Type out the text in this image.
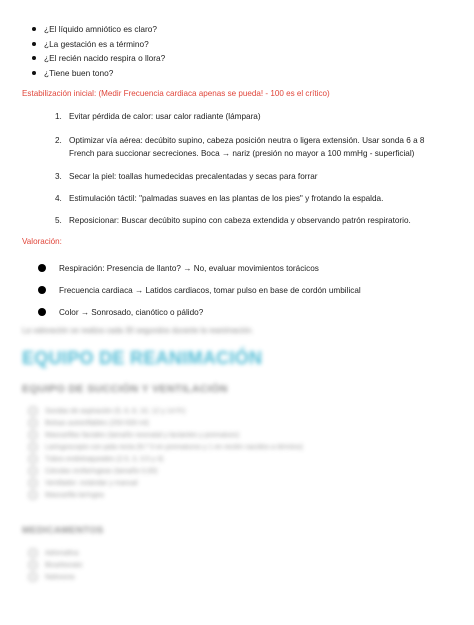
¿El líquido amniótico es claro?
¿La gestación es a término?
¿El recién nacido respira o llora?
¿Tiene buen tono?
Estabilización inicial: (Medir Frecuencia cardiaca apenas se pueda! - 100 es el crítico)
1. Evitar pérdida de calor: usar calor radiante (lámpara)
2. Optimizar vía aérea: decúbito supino, cabeza posición neutra o ligera extensión. Usar sonda 6 a 8 French para succionar secreciones. Boca → nariz (presión no mayor a 100 mmHg - superficial)
3. Secar la piel: toallas humedecidas precalentadas y secas para forrar
4. Estimulación táctil: "palmadas suaves en las plantas de los pies" y frotando la espalda.
5. Reposicionar: Buscar decúbito supino con cabeza extendida y observando patrón respiratorio.
Valoración:
Respiración: Presencia de llanto? → No, evaluar movimientos torácicos
Frecuencia cardiaca → Latidos cardiacos, tomar pulso en base de cordón umbilical
Color → Sonrosado, cianótico o pálido?
La valoración se realiza cada 30 segundos durante la reanimación.
EQUIPO DE REANIMACIÓN
EQUIPO DE SUCCIÓN Y VENTILACIÓN
Sondas de aspiración (5, 6, 8, 10, 12 y 14 Fr)
Bolsas autoinflables (250-500 ml)
Mascarillas faciales (tamaño neonatal y lactantes y prematuro)
Laringoscopio con pala recta (N.º 0 en prematuros y 1 en recién nacidos a término)
Tubos endotraqueales (2.5, 3, 3.5 y 4)
Cánulas orofaríngeas (tamaño 0,00)
Ventilador: estándar y manual
Mascarilla laríngea
MEDICAMENTOS
Adrenalina
Bicarbonato
Naloxona
